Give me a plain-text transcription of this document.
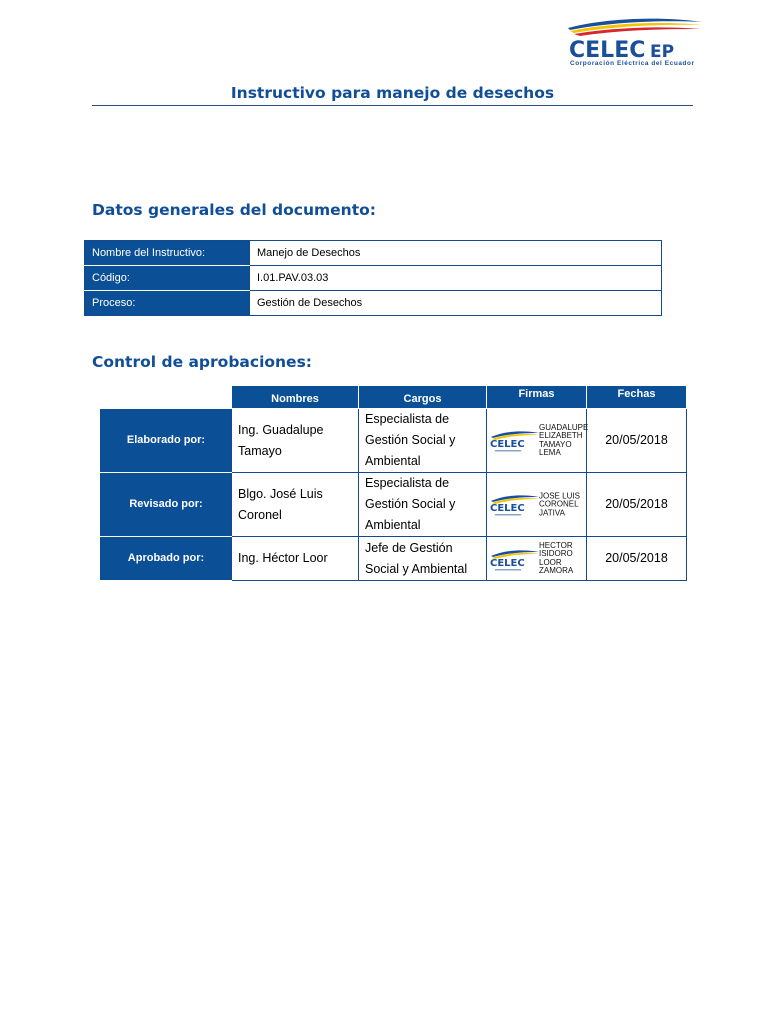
CELEC EP
Corporación Eléctrica del Ecuador
Instructivo para manejo de desechos
Datos generales del documento:
Nombre del Instructivo:	Manejo de Desechos
Código:	I.01.PAV.03.03
Proceso:	Gestión de Desechos
Control de aprobaciones:
	Nombres	Cargos	Firmas	Fechas
Elaborado por:	Ing. Guadalupe Tamayo	Especialista de Gestión Social y Ambiental	CELEC
GUADALUPE
ELIZABETH
TAMAYO
LEMA	20/05/2018
Revisado por:	Blgo. José Luis Coronel	Especialista de Gestión Social y Ambiental	CELEC
JOSE LUIS
CORONEL
JATIVA	20/05/2018
Aprobado por:	Ing. Héctor Loor	Jefe de Gestión Social y Ambiental	CELEC
HECTOR
ISIDORO
LOOR
ZAMORA	20/05/2018
